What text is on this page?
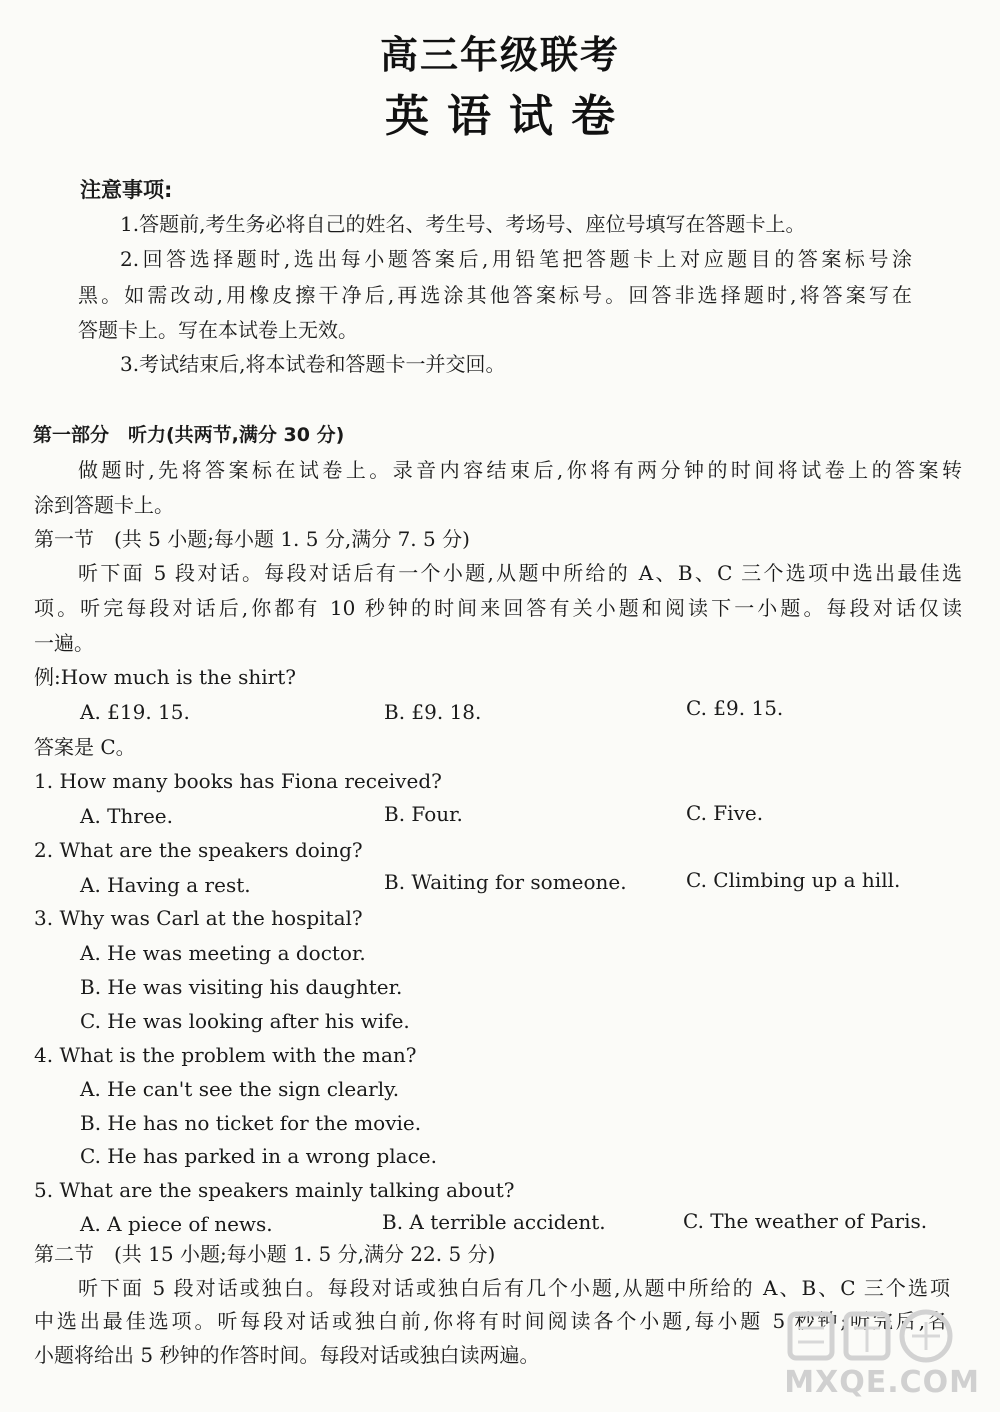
高三年级联考
英语试卷
注意事项:
1.答题前,考生务必将自己的姓名、考生号、考场号、座位号填写在答题卡上。
2.回答选择题时,选出每小题答案后,用铅笔把答题卡上对应题目的答案标号涂
黑。如需改动,用橡皮擦干净后,再选涂其他答案标号。回答非选择题时,将答案写在
答题卡上。写在本试卷上无效。
3.考试结束后,将本试卷和答题卡一并交回。
第一部分　听力(共两节,满分 30 分)
做题时,先将答案标在试卷上。录音内容结束后,你将有两分钟的时间将试卷上的答案转
涂到答题卡上。
第一节　(共 5 小题;每小题 1. 5 分,满分 7. 5 分)
听下面 5 段对话。每段对话后有一个小题,从题中所给的 A、B、C 三个选项中选出最佳选
项。听完每段对话后,你都有 10 秒钟的时间来回答有关小题和阅读下一小题。每段对话仅读
一遍。
例:How much is the shirt?
A. £19. 15.	B. £9. 18.	C. £9. 15.
答案是 C。
1. How many books has Fiona received?
A. Three.	B. Four.	C. Five.
2. What are the speakers doing?
A. Having a rest.	B. Waiting for someone.	C. Climbing up a hill.
3. Why was Carl at the hospital?
A. He was meeting a doctor.
B. He was visiting his daughter.
C. He was looking after his wife.
4. What is the problem with the man?
A. He can't see the sign clearly.
B. He has no ticket for the movie.
C. He has parked in a wrong place.
5. What are the speakers mainly talking about?
A. A piece of news.	B. A terrible accident.	C. The weather of Paris.
第二节　(共 15 小题;每小题 1. 5 分,满分 22. 5 分)
听下面 5 段对话或独白。每段对话或独白后有几个小题,从题中所给的 A、B、C 三个选项
中选出最佳选项。听每段对话或独白前,你将有时间阅读各个小题,每小题 5 秒钟;听完后,各
小题将给出 5 秒钟的作答时间。每段对话或独白读两遍。
MXQE.COM
